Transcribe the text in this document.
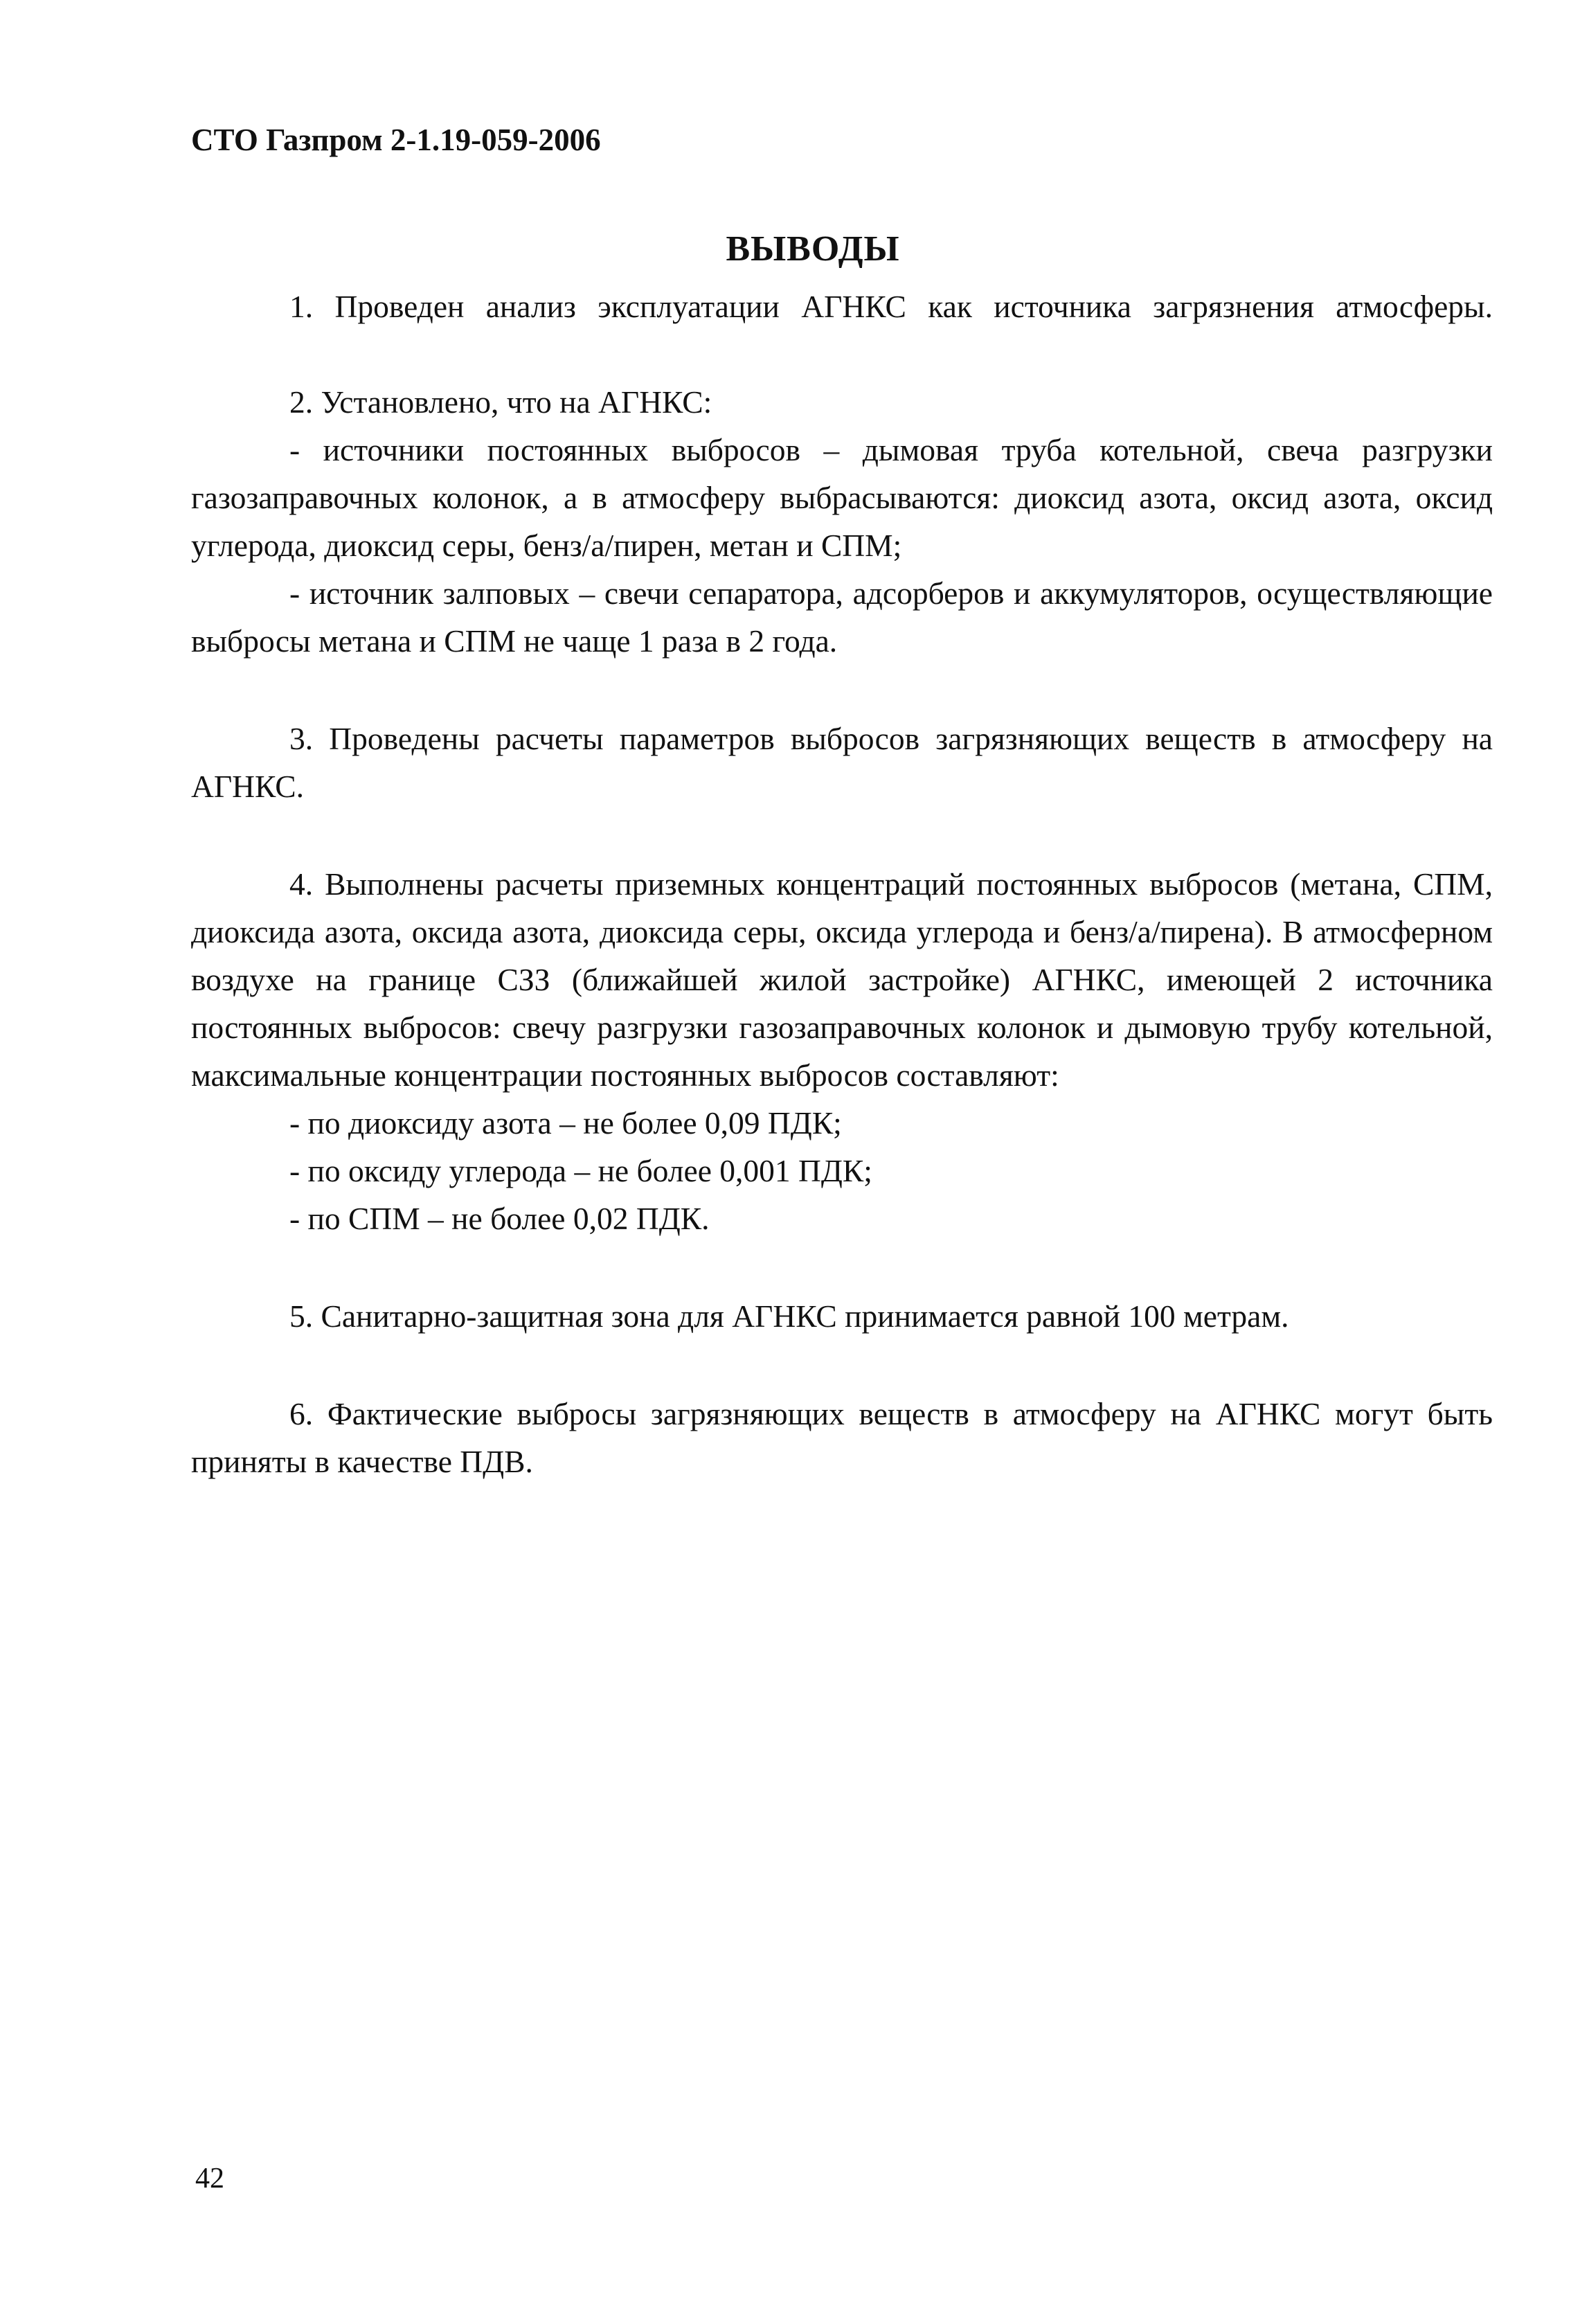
СТО Газпром 2-1.19-059-2006
ВЫВОДЫ

1. Проведен анализ эксплуатации АГНКС как источника загрязнения атмосферы.

2. Установлено, что на АГНКС:

- источники постоянных выбросов – дымовая труба котельной, свеча разгрузки газозаправочных колонок, а в атмосферу выбрасываются: диоксид азота, оксид азота, оксид углерода, диоксид серы, бенз/а/пирен, метан и СПМ;

- источник залповых – свечи сепаратора, адсорберов и аккумуляторов, осуществляющие выбросы метана и СПМ не чаще 1 раза в 2 года.

3. Проведены расчеты параметров выбросов загрязняющих веществ в атмосферу на АГНКС.

4. Выполнены расчеты приземных концентраций постоянных выбросов (метана, СПМ, диоксида азота, оксида азота, диоксида серы, оксида углерода и бенз/а/пирена). В атмосферном воздухе на границе СЗЗ (ближайшей жилой застройке) АГНКС, имеющей 2 источника постоянных выбросов: свечу разгрузки газозаправочных колонок и дымовую трубу котельной, максимальные концентрации постоянных выбросов составляют:

- по диоксиду азота – не более 0,09 ПДК;

- по оксиду углерода – не более 0,001 ПДК;

- по СПМ – не более 0,02 ПДК.

5. Санитарно-защитная зона для АГНКС принимается равной 100 метрам.

6. Фактические выбросы загрязняющих веществ в атмосферу на АГНКС могут быть приняты в качестве ПДВ.

42
